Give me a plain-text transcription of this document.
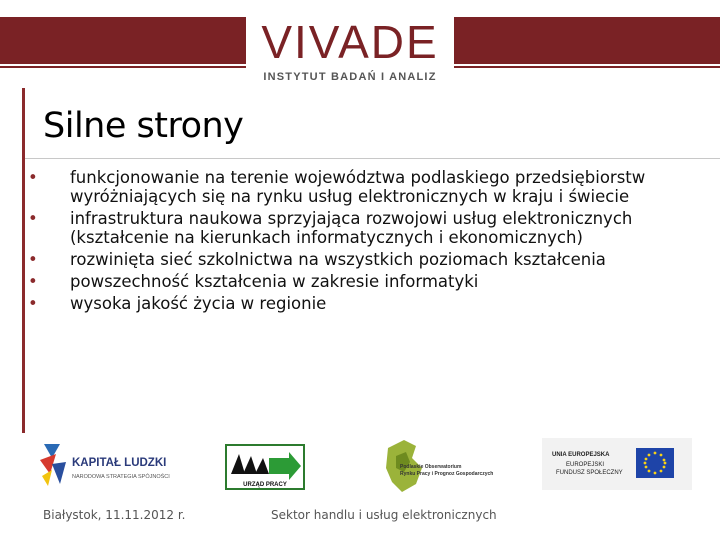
VIVADE
INSTYTUT BADAŃ I ANALIZ
Silne strony
• funkcjonowanie na terenie województwa podlaskiego przedsiębiorstw wyróżniających się na rynku usług elektronicznych w kraju i świecie
• infrastruktura naukowa sprzyjająca rozwojowi usług elektronicznych (kształcenie na kierunkach informatycznych i ekonomicznych)
• rozwinięta sieć szkolnictwa na wszystkich poziomach kształcenia
• powszechność kształcenia w zakresie informatyki
• wysoka jakość życia w regionie
KAPITAŁ LUDZKI
NARODOWA STRATEGIA SPÓJNOŚCI
URZĄD PRACY
Podlaskie Obserwatorium
Rynku Pracy i Prognoz Gospodarczych
UNIA EUROPEJSKA
EUROPEJSKI
FUNDUSZ SPOŁECZNY
Białystok, 11.11.2012 r.	Sektor handlu i usług elektronicznych
